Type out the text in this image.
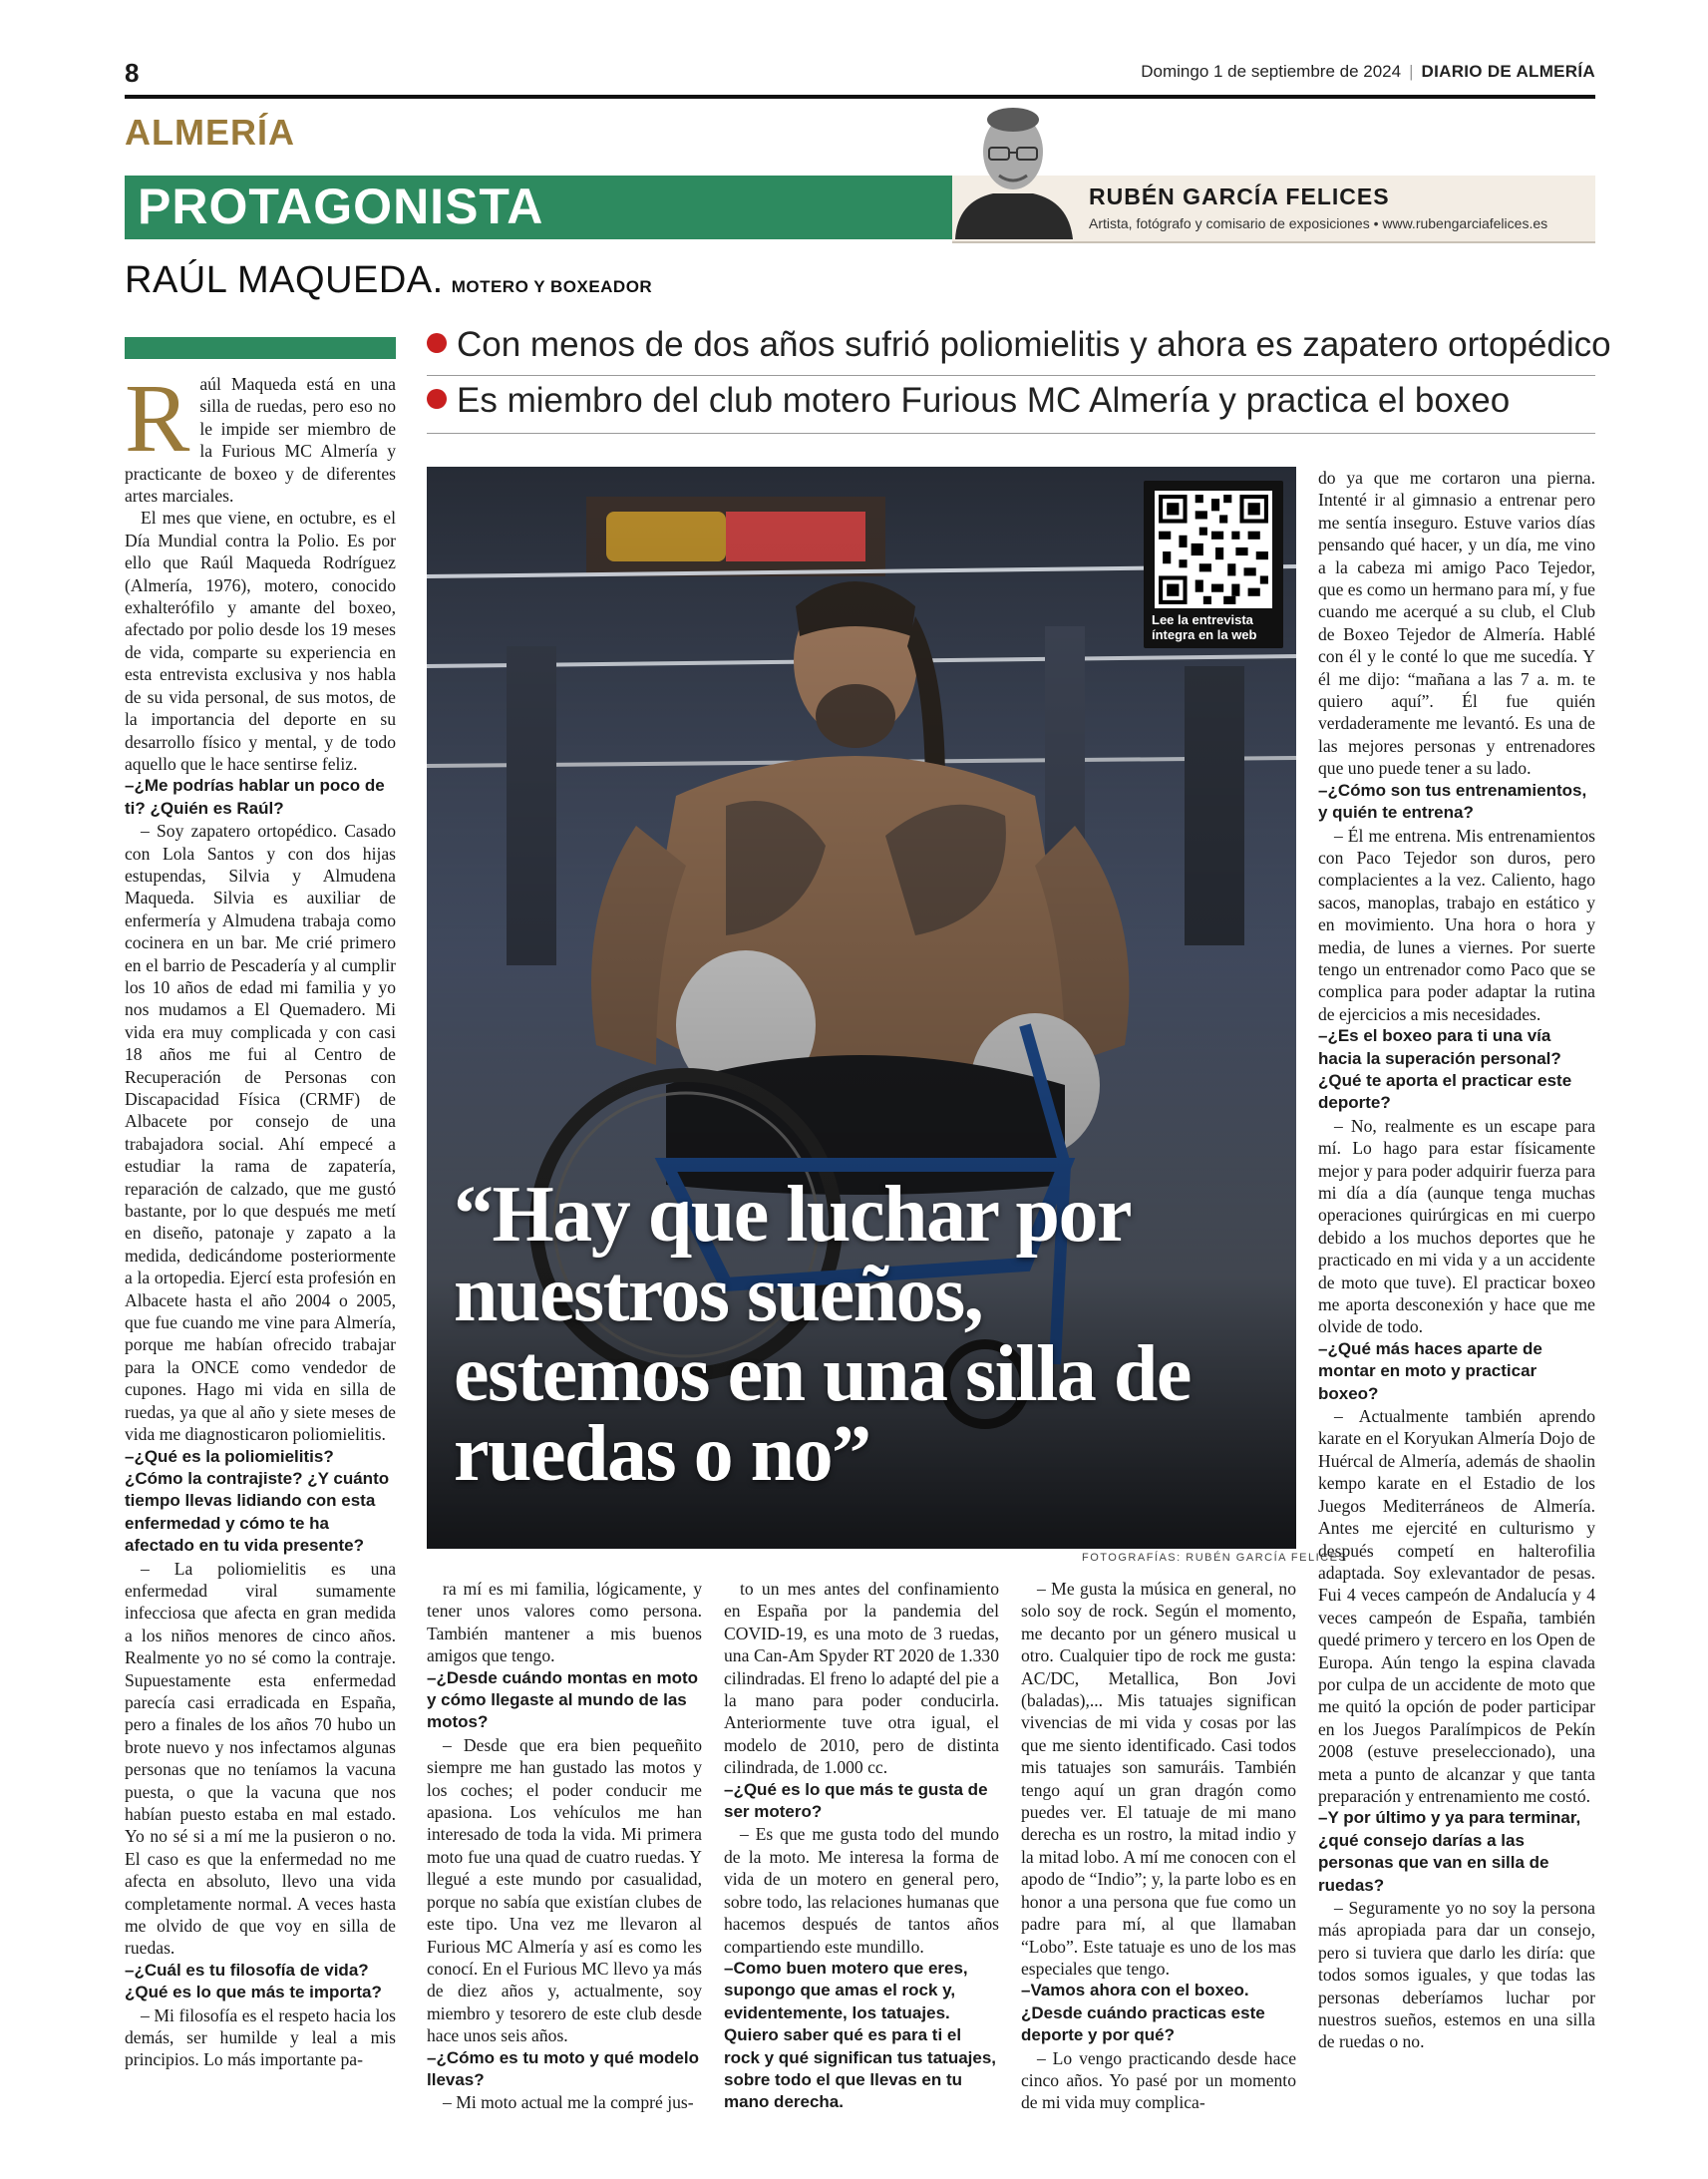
8	Domingo 1 de septiembre de 2024 | DIARIO DE ALMERÍA
ALMERÍA
PROTAGONISTA	RUBÉN GARCÍA FELICES
Artista, fotógrafo y comisario de exposiciones • www.rubengarciafelices.es
RAÚL MAQUEDA. MOTERO Y BOXEADOR
Con menos de dos años sufrió poliomielitis y ahora es zapatero ortopédico
Es miembro del club motero Furious MC Almería y practica el boxeo
FOTOGRAFÍAS: RUBÉN GARCÍA FELICES
Lee la entrevista íntegra en la web
“Hay que luchar por nuestros sueños, estemos en una silla de ruedas o no”
R aúl Maqueda está en una silla de ruedas, pero eso no le impide ser miembro de la Furious MC Almería y practicante de boxeo y de diferentes artes marciales.

El mes que viene, en octubre, es el Día Mundial contra la Polio. Es por ello que Raúl Maqueda Rodríguez (Almería, 1976), motero, conocido exhalterófilo y amante del boxeo, afectado por polio desde los 19 meses de vida, comparte su experiencia en esta entrevista exclusiva y nos habla de su vida personal, de sus motos, de la importancia del deporte en su desarrollo físico y mental, y de todo aquello que le hace sentirse feliz.

–¿Me podrías hablar un poco de ti? ¿Quién es Raúl?

– Soy zapatero ortopédico. Casado con Lola Santos y con dos hijas estupendas, Silvia y Almudena Maqueda. Silvia es auxiliar de enfermería y Almudena trabaja como cocinera en un bar. Me crié primero en el barrio de Pescadería y al cumplir los 10 años de edad mi familia y yo nos mudamos a El Quemadero. Mi vida era muy complicada y con casi 18 años me fui al Centro de Recuperación de Personas con Discapacidad Física (CRMF) de Albacete por consejo de una trabajadora social. Ahí empecé a estudiar la rama de zapatería, reparación de calzado, que me gustó bastante, por lo que después me metí en diseño, patonaje y zapato a la medida, dedicándome posteriormente a la ortopedia. Ejercí esta profesión en Albacete hasta el año 2004 o 2005, que fue cuando me vine para Almería, porque me habían ofrecido trabajar para la ONCE como vendedor de cupones. Hago mi vida en silla de ruedas, ya que al año y siete meses de vida me diagnosticaron poliomielitis.

–¿Qué es la poliomielitis? ¿Cómo la contrajiste? ¿Y cuánto tiempo llevas lidiando con esta enfermedad y cómo te ha afectado en tu vida presente?

– La poliomielitis es una enfermedad viral sumamente infecciosa que afecta en gran medida a los niños menores de cinco años. Realmente yo no sé como la contraje. Supuestamente esta enfermedad parecía casi erradicada en España, pero a finales de los años 70 hubo un brote nuevo y nos infectamos algunas personas que no teníamos la vacuna puesta, o que la vacuna que nos habían puesto estaba en mal estado. Yo no sé si a mí me la pusieron o no. El caso es que la enfermedad no me afecta en absoluto, llevo una vida completamente normal. A veces hasta me olvido de que voy en silla de ruedas.

–¿Cuál es tu filosofía de vida? ¿Qué es lo que más te importa?

– Mi filosofía es el respeto hacia los demás, ser humilde y leal a mis principios. Lo más importante pa-

ra mí es mi familia, lógicamente, y tener unos valores como persona. También mantener a mis buenos amigos que tengo.

–¿Desde cuándo montas en moto y cómo llegaste al mundo de las motos?

– Desde que era bien pequeñito siempre me han gustado las motos y los coches; el poder conducir me apasiona. Los vehículos me han interesado de toda la vida. Mi primera moto fue una quad de cuatro ruedas. Y llegué a este mundo por casualidad, porque no sabía que existían clubes de este tipo. Una vez me llevaron al Furious MC Almería y así es como les conocí. En el Furious MC llevo ya más de diez años y, actualmente, soy miembro y tesorero de este club desde hace unos seis años.

–¿Cómo es tu moto y qué modelo llevas?

– Mi moto actual me la compré jus-

to un mes antes del confinamiento en España por la pandemia del COVID-19, es una moto de 3 ruedas, una Can-Am Spyder RT 2020 de 1.330 cilindradas. El freno lo adapté del pie a la mano para poder conducirla. Anteriormente tuve otra igual, el modelo de 2010, pero de distinta cilindrada, de 1.000 cc.

–¿Qué es lo que más te gusta de ser motero?

– Es que me gusta todo del mundo de la moto. Me interesa la forma de vida de un motero en general pero, sobre todo, las relaciones humanas que hacemos después de tantos años compartiendo este mundillo.

–Como buen motero que eres, supongo que amas el rock y, evidentemente, los tatuajes. Quiero saber qué es para ti el rock y qué significan tus tatuajes, sobre todo el que llevas en tu mano derecha.

– Me gusta la música en general, no solo soy de rock. Según el momento, me decanto por un género musical u otro. Cualquier tipo de rock me gusta: AC/DC, Metallica, Bon Jovi (baladas),... Mis tatuajes significan vivencias de mi vida y cosas por las que me siento identificado. Casi todos mis tatuajes son samuráis. También tengo aquí un gran dragón como puedes ver. El tatuaje de mi mano derecha es un rostro, la mitad indio y la mitad lobo. A mí me conocen con el apodo de “Indio”; y, la parte lobo es en honor a una persona que fue como un padre para mí, al que llamaban “Lobo”. Este tatuaje es uno de los mas especiales que tengo.

–Vamos ahora con el boxeo. ¿Desde cuándo practicas este deporte y por qué?

– Lo vengo practicando desde hace cinco años. Yo pasé por un momento de mi vida muy complica-

do ya que me cortaron una pierna. Intenté ir al gimnasio a entrenar pero me sentía inseguro. Estuve varios días pensando qué hacer, y un día, me vino a la cabeza mi amigo Paco Tejedor, que es como un hermano para mí, y fue cuando me acerqué a su club, el Club de Boxeo Tejedor de Almería. Hablé con él y le conté lo que me sucedía. Y él me dijo: “mañana a las 7 a. m. te quiero aquí”. Él fue quién verdaderamente me levantó. Es una de las mejores personas y entrenadores que uno puede tener a su lado.

–¿Cómo son tus entrenamientos, y quién te entrena?

– Él me entrena. Mis entrenamientos con Paco Tejedor son duros, pero complacientes a la vez. Caliento, hago sacos, manoplas, trabajo en estático y en movimiento. Una hora o hora y media, de lunes a viernes. Por suerte tengo un entrenador como Paco que se complica para poder adaptar la rutina de ejercicios a mis necesidades.

–¿Es el boxeo para ti una vía hacia la superación personal? ¿Qué te aporta el practicar este deporte?

– No, realmente es un escape para mí. Lo hago para estar físicamente mejor y para poder adquirir fuerza para mi día a día (aunque tenga muchas operaciones quirúrgicas en mi cuerpo debido a los muchos deportes que he practicado en mi vida y a un accidente de moto que tuve). El practicar boxeo me aporta desconexión y hace que me olvide de todo.

–¿Qué más haces aparte de montar en moto y practicar boxeo?

– Actualmente también aprendo karate en el Koryukan Almería Dojo de Huércal de Almería, además de shaolin kempo karate en el Estadio de los Juegos Mediterráneos de Almería. Antes me ejercité en culturismo y después competí en halterofilia adaptada. Soy exlevantador de pesas. Fui 4 veces campeón de Andalucía y 4 veces campeón de España, también quedé primero y tercero en los Open de Europa. Aún tengo la espina clavada por culpa de un accidente de moto que me quitó la opción de poder participar en los Juegos Paralímpicos de Pekín 2008 (estuve preseleccionado), una meta a punto de alcanzar y que tanta preparación y entrenamiento me costó.

–Y por último y ya para terminar, ¿qué consejo darías a las personas que van en silla de ruedas?

– Seguramente yo no soy la persona más apropiada para dar un consejo, pero si tuviera que darlo les diría: que todos somos iguales, y que todas las personas deberíamos luchar por nuestros sueños, estemos en una silla de ruedas o no.
